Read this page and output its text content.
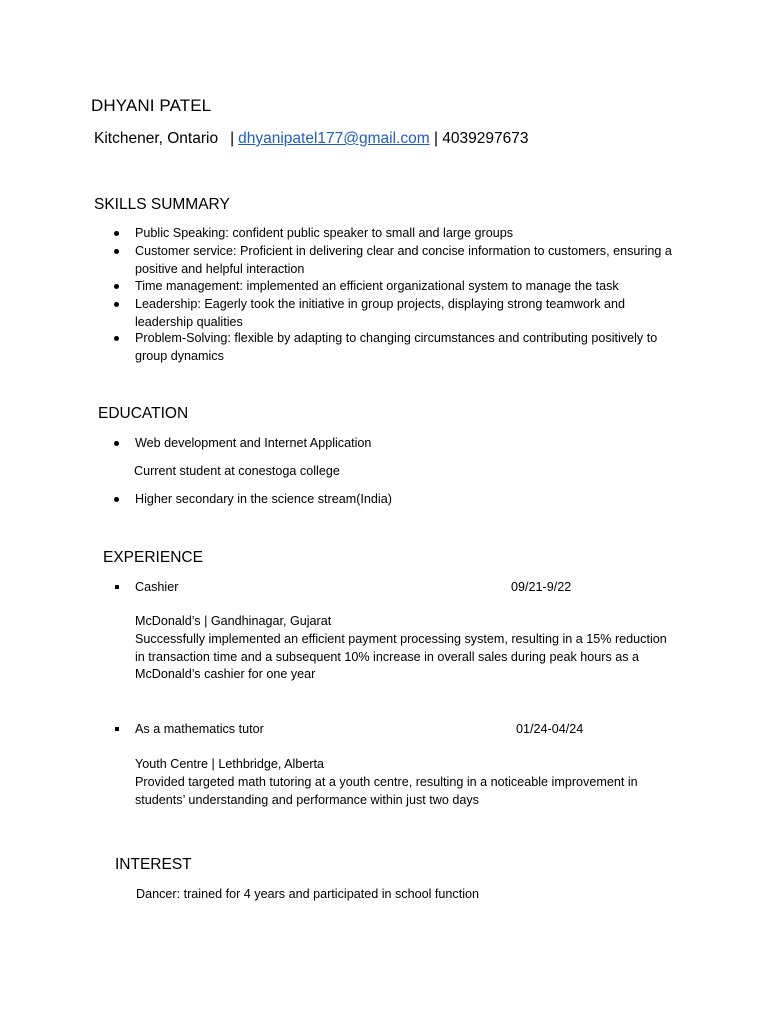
DHYANI PATEL
Kitchener, Ontario | dhyanipatel177@gmail.com | 4039297673
SKILLS SUMMARY
Public Speaking: confident public speaker to small and large groups
Customer service: Proficient in delivering clear and concise information to customers, ensuring a
positive and helpful interaction
Time management: implemented an efficient organizational system to manage the task
Leadership: Eagerly took the initiative in group projects, displaying strong teamwork and
leadership qualities
Problem-Solving: flexible by adapting to changing circumstances and contributing positively to
group dynamics
EDUCATION
Web development and Internet Application
Current student at conestoga college
Higher secondary in the science stream(India)
EXPERIENCE
Cashier	09/21-9/22
McDonald’s | Gandhinagar, Gujarat
Successfully implemented an efficient payment processing system, resulting in a 15% reduction
in transaction time and a subsequent 10% increase in overall sales during peak hours as a
McDonald’s cashier for one year
As a mathematics tutor	01/24-04/24
Youth Centre | Lethbridge, Alberta
Provided targeted math tutoring at a youth centre, resulting in a noticeable improvement in
students’ understanding and performance within just two days
INTEREST
Dancer: trained for 4 years and participated in school function
